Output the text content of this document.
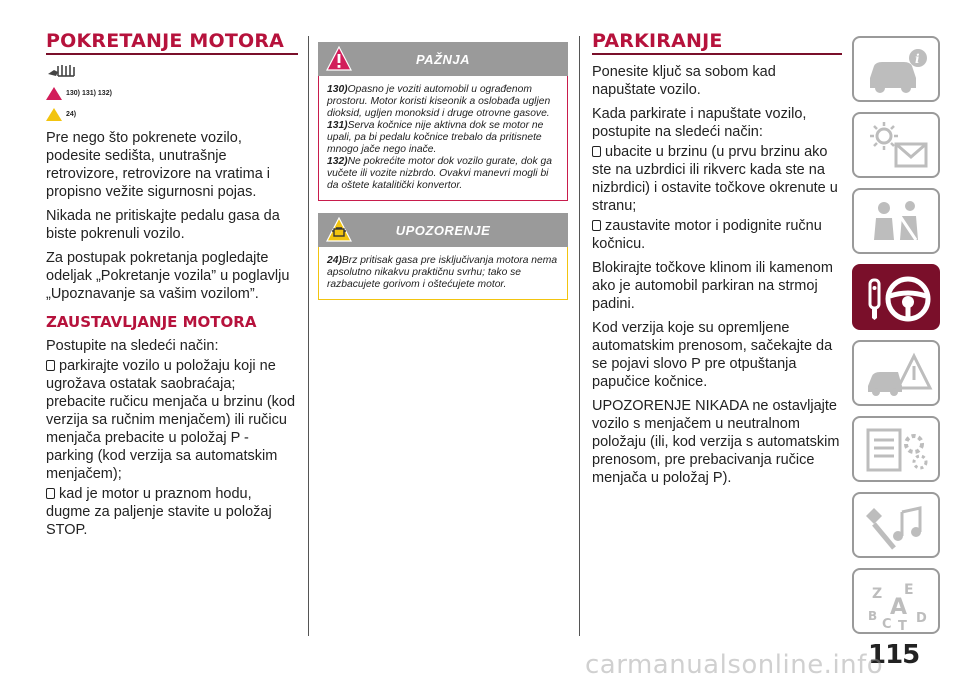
POKRETANJE MOTORA
130) 131) 132)
24)

Pre nego što pokrenete vozilo, podesite sedišta, unutrašnje retrovizore, retrovizore na vratima i propisno vežite sigurnosni pojas.

Nikada ne pritiskajte pedalu gasa da biste pokrenuli vozilo.

Za postupak pokretanja pogledajte odeljak „Pokretanje vozila” u poglavlju „Upoznavanje sa vašim vozilom”.

ZAUSTAVLJANJE MOTORA

Postupite na sledeći način:

parkirajte vozilo u položaju koji ne ugrožava ostatak saobraćaja; prebacite ručicu menjača u brzinu (kod verzija sa ručnim menjačem) ili ručicu menjača prebacite u položaj P - parking (kod verzija sa automatskim menjačem);

kad je motor u praznom hodu, dugme za paljenje stavite u položaj STOP.

PAŽNJA

130)Opasno je voziti automobil u ograđenom prostoru. Motor koristi kiseonik a oslobađa ugljen dioksid, ugljen monoksid i druge otrovne gasove.

131)Serva kočnice nije aktivna dok se motor ne upali, pa bi pedalu kočnice trebalo da pritisnete mnogo jače nego inače.

132)Ne pokrećite motor dok vozilo gurate, dok ga vučete ili vozite nizbrdo. Ovakvi manevri mogli bi da oštete katalitički konvertor.

UPOZORENJE

24)Brz pritisak gasa pre isključivanja motora nema apsolutno nikakvu praktičnu svrhu; tako se razbacujete gorivom i oštećujete motor.

PARKIRANJE

Ponesite ključ sa sobom kad napuštate vozilo.

Kada parkirate i napuštate vozilo, postupite na sledeći način:

ubacite u brzinu (u prvu brzinu ako ste na uzbrdici ili rikverc kada ste na nizbrdici) i ostavite točkove okrenute u stranu;

zaustavite motor i podignite ručnu kočnicu.

Blokirajte točkove klinom ili kamenom ako je automobil parkiran na strmoj padini.

Kod verzija koje su opremljene automatskim prenosom, sačekajte da se pojavi slovo P pre otpuštanja papučice kočnice.

UPOZORENJE NIKADA ne ostavljajte vozilo s menjačem u neutralnom položaju (ili, kod verzija s automatskim prenosom, pre prebacivanja ručice menjača u položaj P).

i
Z E
A
B
C T
D
115
carmanualsonline.info
